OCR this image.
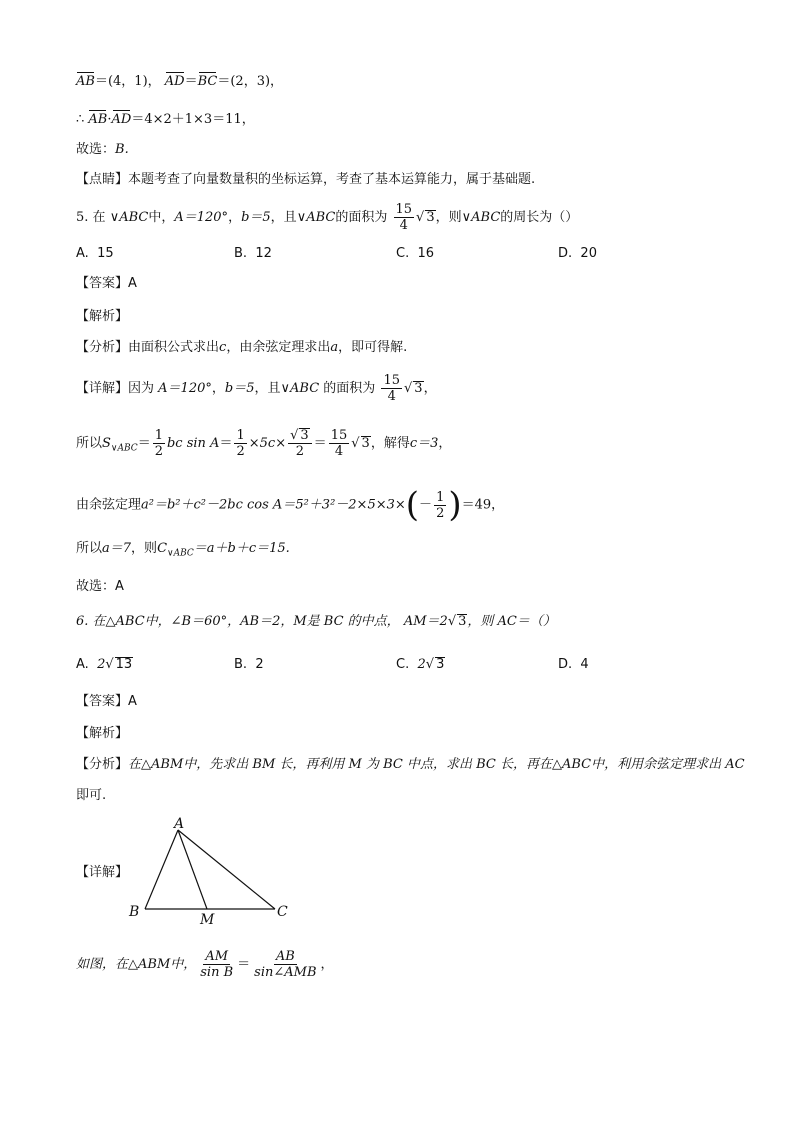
AB＝(4，1)， AD＝BC＝(2，3)，
∴ AB·AD＝4×2＋1×3＝11，
故选：B.
【点睛】本题考查了向量数量积的坐标运算，考查了基本运算能力，属于基础题.
5. 在 ∨ABC中，A＝120°，b＝5，且∨ABC的面积为 $\frac{15}{4}$ √ 3，则∨ABC的周长为（）
A. 15	B. 12	C. 16	D. 20
【答案】A
【解析】
【分析】由面积公式求出c，由余弦定理求出a，即可得解.
【详解】因为 A＝120°，b＝5，且∨ABC 的面积为 $\frac{15}{4}$ √ 3，
所以$S_{\vee ABC}= \frac{1}{2}$ bc $\sin A= \frac{1}{2} \times 5c\times \frac{√ 3}{2} = \frac{15}{4}$ √ 3，解得c＝3，
由余弦定理a²＝b²＋c²－2bc $\cos A=5^2+3^2-2\times 5\times 3\times(- \frac{1}{2} )=49$，
所以a＝7，则$C_{\vee ABC}=a+b+c=15$.
故选：A
6. 在△ABC中，∠B＝60°，AB＝2，M是 BC 的中点， AM＝2√ 3，则 AC＝（）
A. 2√ 13	B. 2	C. 2√ 3	D. 4
【答案】A
【解析】
【分析】在△ABM中，先求出 BM 长，再利用 M 为 BC 中点，求出 BC 长，再在△ABC中，利用余弦定理求出 AC
即可.
【详解】
A
B	C
M
如图，在△ABM中， $\frac{AM}{\text{sin B}} = \frac{AB}{\text{sin∠AMB}}$ ，
